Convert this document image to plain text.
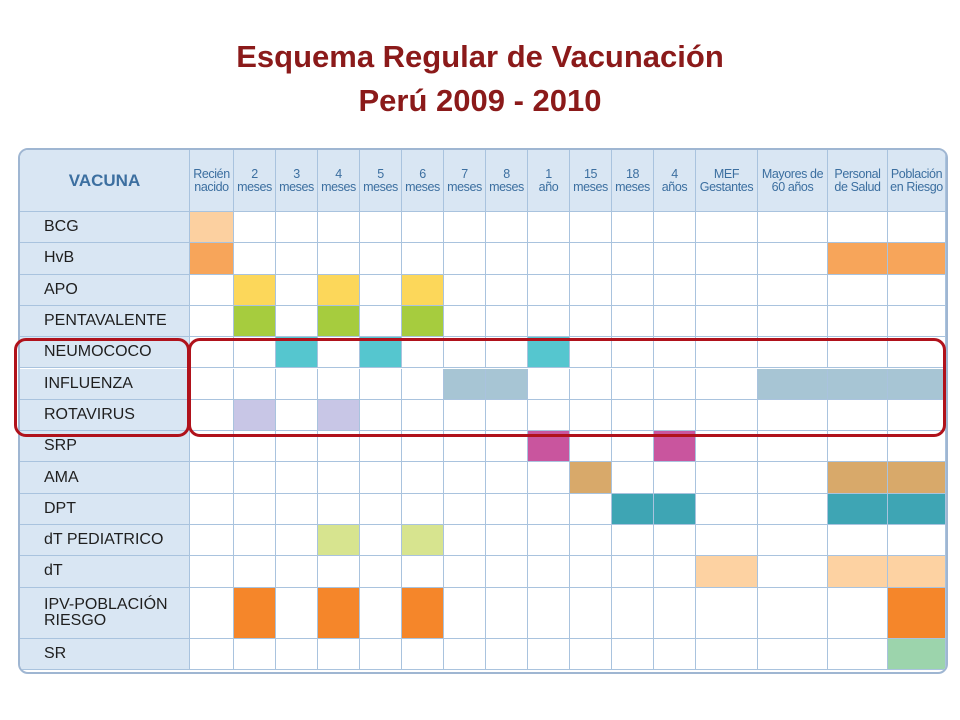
Esquema Regular de Vacunación
Perú 2009 - 2010
VACUNA	Recién
nacido
2
meses
3
meses
4
meses
5
meses
6
meses
7
meses
8
meses
1
año
15
meses
18
meses
4
años
MEF
Gestantes
Mayores de
60 años
Personal
de Salud
Población
en Riesgo
BCG
HvB
APO
PENTAVALENTE
NEUMOCOCO
INFLUENZA
ROTAVIRUS
SRP
AMA
DPT
dT PEDIATRICO
dT
IPV-POBLACIÓN
RIESGO
SR
